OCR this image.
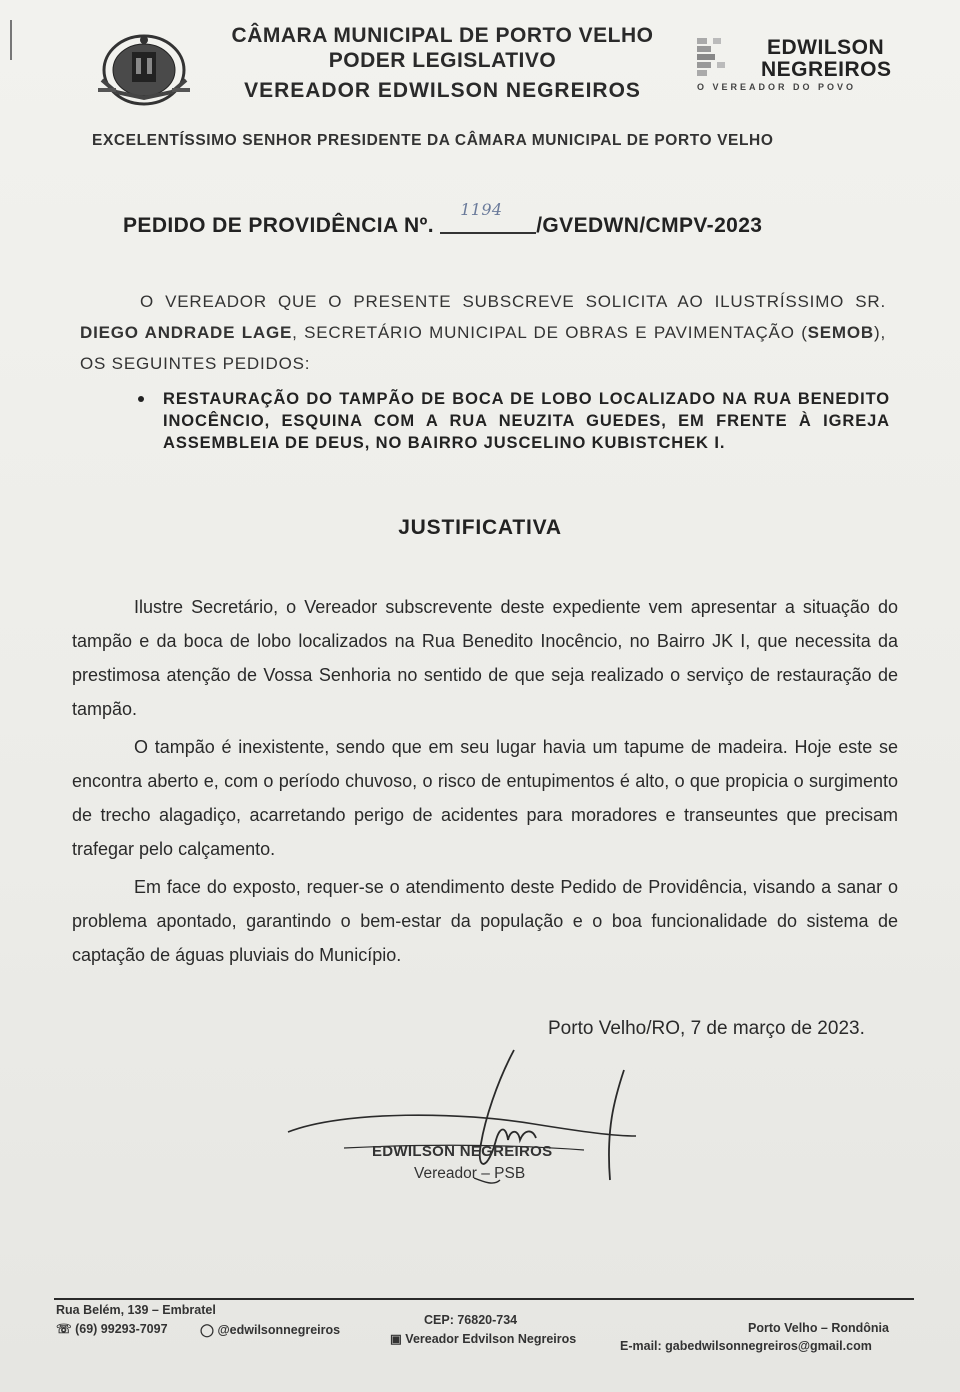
CÂMARA MUNICIPAL DE PORTO VELHO
PODER LEGISLATIVO
VEREADOR EDWILSON NEGREIROS
EDWILSON
NEGREIROS
O VEREADOR DO POVO
EXCELENTÍSSIMO SENHOR PRESIDENTE DA CÂMARA MUNICIPAL DE PORTO VELHO
PEDIDO DE PROVIDÊNCIA Nº.
1194
/GVEDWN/CMPV-2023
O VEREADOR QUE O PRESENTE SUBSCREVE SOLICITA AO ILUSTRÍSSIMO SR. DIEGO ANDRADE LAGE, SECRETÁRIO MUNICIPAL DE OBRAS E PAVIMENTAÇÃO (SEMOB), OS SEGUINTES PEDIDOS:
RESTAURAÇÃO DO TAMPÃO DE BOCA DE LOBO LOCALIZADO NA RUA BENEDITO INOCÊNCIO, ESQUINA COM A RUA NEUZITA GUEDES, EM FRENTE À IGREJA ASSEMBLEIA DE DEUS, NO BAIRRO JUSCELINO KUBISTCHEK I.
JUSTIFICATIVA

Ilustre Secretário, o Vereador subscrevente deste expediente vem apresentar a situação do tampão e da boca de lobo localizados na Rua Benedito Inocêncio, no Bairro JK I, que necessita da prestimosa atenção de Vossa Senhoria no sentido de que seja realizado o serviço de restauração de tampão.

O tampão é inexistente, sendo que em seu lugar havia um tapume de madeira. Hoje este se encontra aberto e, com o período chuvoso, o risco de entupimentos é alto, o que propicia o surgimento de trecho alagadiço, acarretando perigo de acidentes para moradores e transeuntes que precisam trafegar pelo calçamento.

Em face do exposto, requer-se o atendimento deste Pedido de Providência, visando a sanar o problema apontado, garantindo o bem-estar da população e o boa funcionalidade do sistema de captação de águas pluviais do Município.

Porto Velho/RO, 7 de março de 2023.
EDWILSON NEGREIROS
Vereador – PSB
Rua Belém, 139 – Embratel
☏ (69) 99293-7097	◯ @edwilsonnegreiros
CEP: 76820-734
▣ Vereador Edvilson Negreiros
Porto Velho – Rondônia
E-mail: gabedwilsonnegreiros@gmail.com
